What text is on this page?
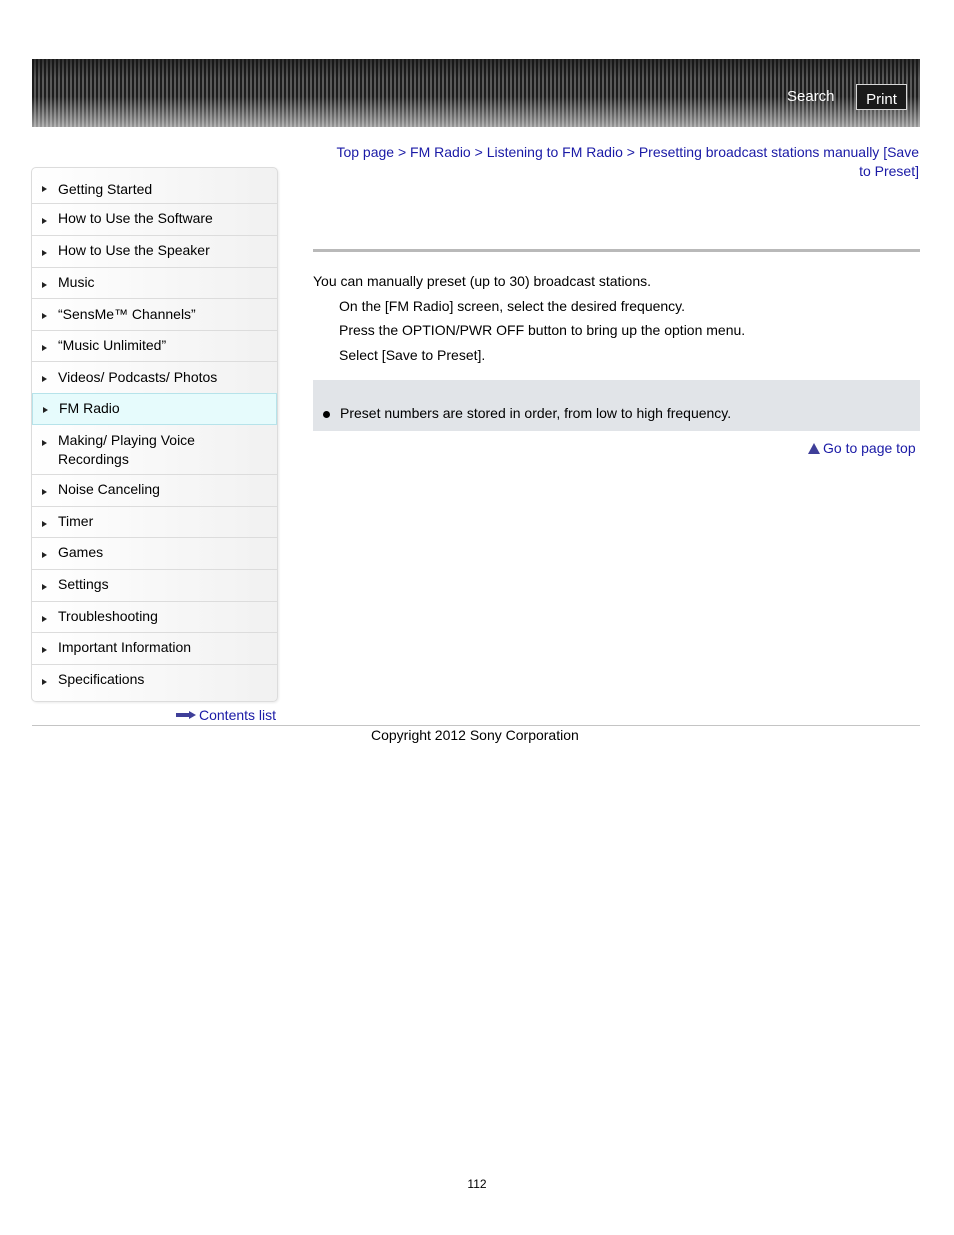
Search	Print
Getting Started
How to Use the Software
How to Use the Speaker
Music
“SensMe™ Channels”
“Music Unlimited”
Videos/ Podcasts/ Photos
FM Radio
Making/ Playing Voice
Recordings
Noise Canceling
Timer
Games
Settings
Troubleshooting
Important Information
Specifications
Contents list
Top page > FM Radio > Listening to FM Radio > Presetting broadcast stations manually [Save
to Preset]
You can manually preset (up to 30) broadcast stations.
On the [FM Radio] screen, select the desired frequency.
Press the OPTION/PWR OFF button to bring up the option menu.
Select [Save to Preset].
Preset numbers are stored in order, from low to high frequency.
Go to page top
Copyright 2012 Sony Corporation
112
